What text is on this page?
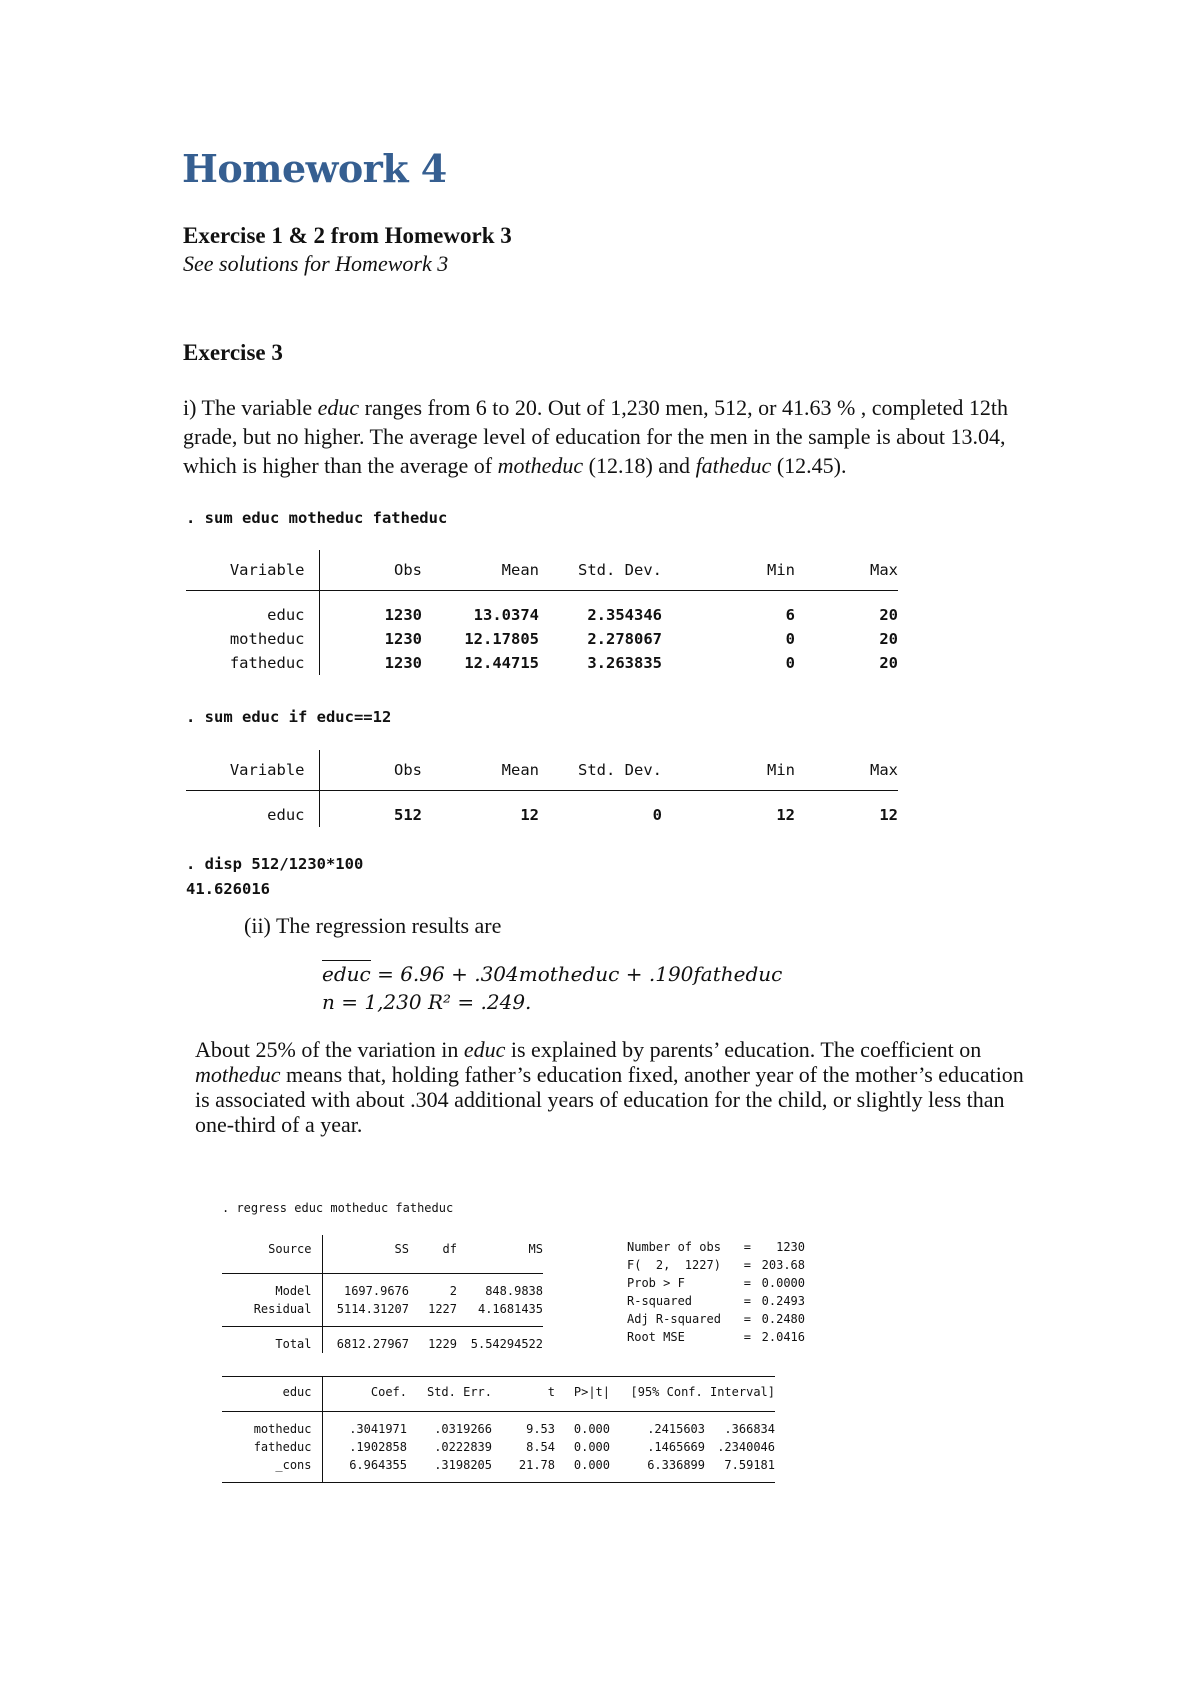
Homework 4
Exercise 1 & 2 from Homework 3
See solutions for Homework 3
Exercise 3
i) The variable educ ranges from 6 to 20. Out of 1,230 men, 512, or 41.63 % , completed 12th grade, but no higher. The average level of education for the men in the sample is about 13.04, which is higher than the average of motheduc (12.18) and fatheduc (12.45).
. sum educ motheduc fatheduc
Variable	Obs	Mean	Std. Dev.	Min	Max

educ	1230	13.0374	2.354346	6	20
motheduc	1230	12.17805	2.278067	0	20
fatheduc	1230	12.44715	3.263835	0	20
. sum educ if educ==12
Variable	Obs	Mean	Std. Dev.	Min	Max

educ	512	12	0	12	12
. disp 512/1230*100
41.626016
(ii) The regression results are
educ = 6.96 + .304motheduc + .190fatheduc
n = 1,230 R² = .249.
About 25% of the variation in educ is explained by parents’ education. The coefficient on motheduc means that, holding father’s education fixed, another year of the mother’s education is associated with about .304 additional years of education for the child, or slightly less than one-third of a year.
. regress educ motheduc fatheduc
Source	SS	df	MS

Model	1697.9676	2	848.9838
Residual	5114.31207	1227	4.1681435

Total	6812.27967	1229	5.54294522
Number of obs	=	1230
F(  2,  1227)	=	203.68
Prob > F	=	0.0000
R-squared	=	0.2493
Adj R-squared	=	0.2480
Root MSE	=	2.0416

educ	Coef.	Std. Err.	t	P>|t|	[95% Conf. Interval]	

motheduc	.3041971	.0319266	9.53	0.000	.2415603	.366834
fatheduc	.1902858	.0222839	8.54	0.000	.1465669	.2340046
_cons	6.964355	.3198205	21.78	0.000	6.336899	7.59181
